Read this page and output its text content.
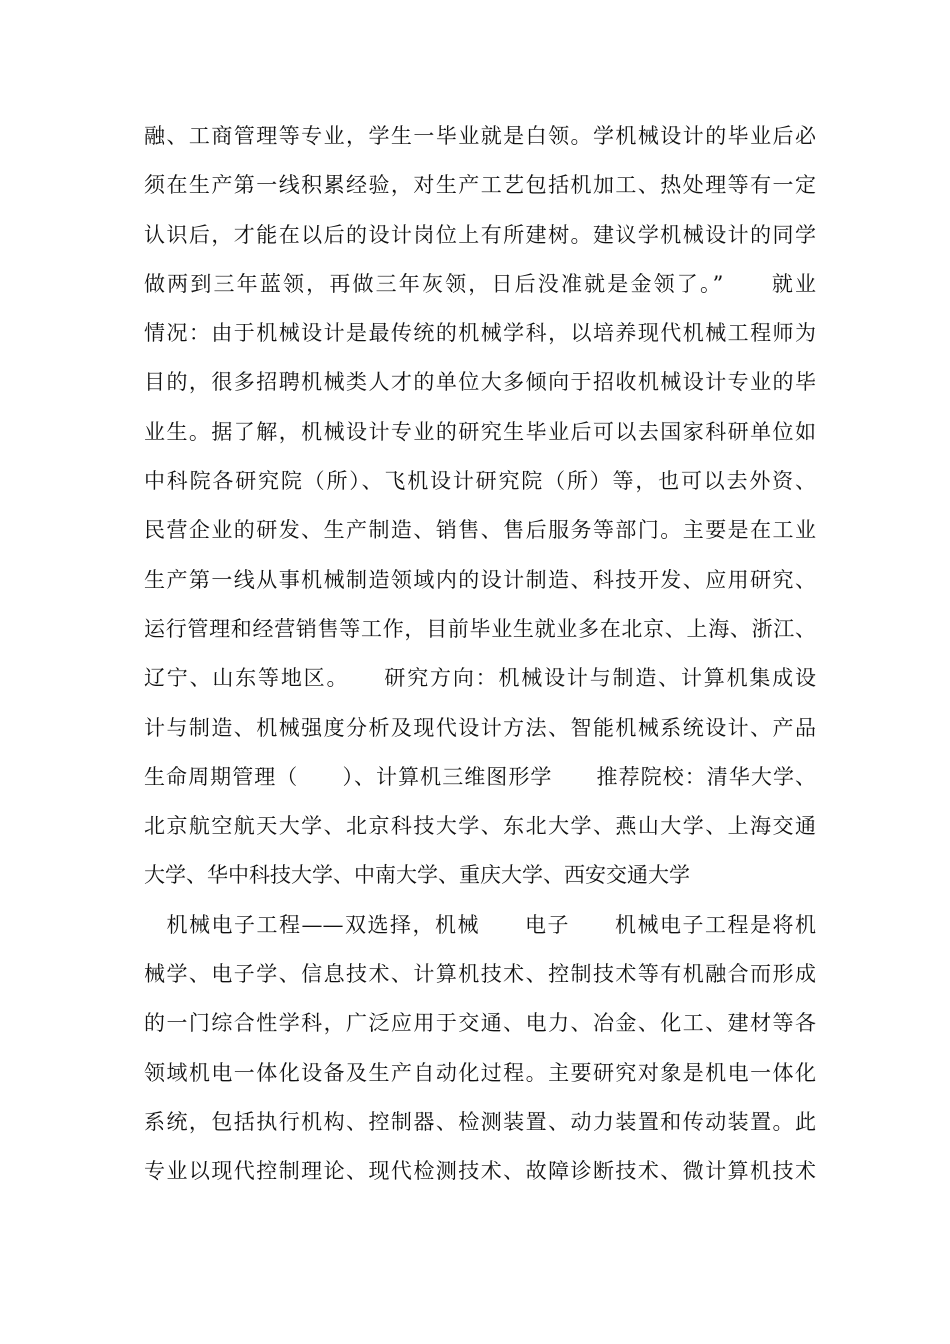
融、工商管理等专业，学生一毕业就是白领。学机械设计的毕业后必
须在生产第一线积累经验，对生产工艺包括机加工、热处理等有一定
认识后，才能在以后的设计岗位上有所建树。建议学机械设计的同学
做两到三年蓝领，再做三年灰领，日后没准就是金领了。”　　就业
情况：由于机械设计是最传统的机械学科，以培养现代机械工程师为
目的，很多招聘机械类人才的单位大多倾向于招收机械设计专业的毕
业生。据了解，机械设计专业的研究生毕业后可以去国家科研单位如
中科院各研究院（所）、飞机设计研究院（所）等，也可以去外资、
民营企业的研发、生产制造、销售、售后服务等部门。主要是在工业
生产第一线从事机械制造领域内的设计制造、科技开发、应用研究、
运行管理和经营销售等工作，目前毕业生就业多在北京、上海、浙江、
辽宁、山东等地区。　　研究方向：机械设计与制造、计算机集成设
计与制造、机械强度分析及现代设计方法、智能机械系统设计、产品
生命周期管理（　　）、计算机三维图形学　　推荐院校：清华大学、
北京航空航天大学、北京科技大学、东北大学、燕山大学、上海交通
大学、华中科技大学、中南大学、重庆大学、西安交通大学
　机械电子工程——双选择，机械　　电子　　机械电子工程是将机
械学、电子学、信息技术、计算机技术、控制技术等有机融合而形成
的一门综合性学科，广泛应用于交通、电力、冶金、化工、建材等各
领域机电一体化设备及生产自动化过程。主要研究对象是机电一体化
系统，包括执行机构、控制器、检测装置、动力装置和传动装置。此
专业以现代控制理论、现代检测技术、故障诊断技术、微计算机技术
